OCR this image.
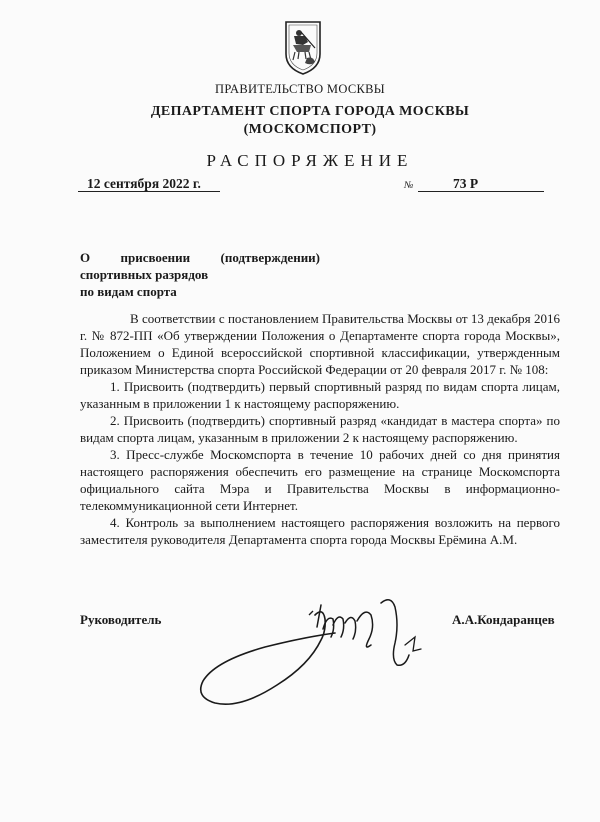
ПРАВИТЕЛЬСТВО МОСКВЫ
ДЕПАРТАМЕНТ СПОРТА ГОРОДА МОСКВЫ
(МОСКОМСПОРТ)
РАСПОРЯЖЕНИЕ
12 сентября 2022 г.	№	73 Р
О присвоении (подтверждении)
спортивных разрядов
по видам спорта

В соответствии с постановлением Правительства Москвы от 13 декабря 2016 г. № 872-ПП «Об утверждении Положения о Департаменте спорта города Москвы», Положением о Единой всероссийской спортивной классификации, утвержденным приказом Министерства спорта Российской Федерации от 20 февраля 2017 г. № 108:

1. Присвоить (подтвердить) первый спортивный разряд по видам спорта лицам, указанным в приложении 1 к настоящему распоряжению.

2. Присвоить (подтвердить) спортивный разряд «кандидат в мастера спорта» по видам спорта лицам, указанным в приложении 2 к настоящему распоряжению.

3. Пресс-службе Москомспорта в течение 10 рабочих дней со дня принятия настоящего распоряжения обеспечить его размещение на странице Москомспорта официального сайта Мэра и Правительства Москвы в информационно-телекоммуникационной сети Интернет.

4. Контроль за выполнением настоящего распоряжения возложить на первого заместителя руководителя Департамента спорта города Москвы Ерёмина А.М.

Руководитель	А.А.Кондаранцев
